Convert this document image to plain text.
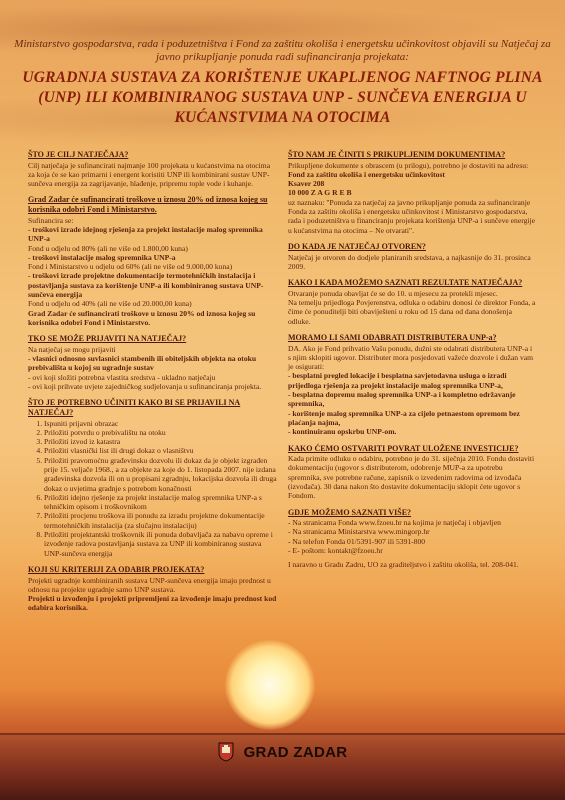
Ministarstvo gospodarstva, rada i poduzetništva i Fond za zaštitu okoliša i energetsku učinkovitost objavili su Natječaj za javno prikupljanje ponuda radi sufinanciranja projekata:
UGRADNJA SUSTAVA ZA KORIŠTENJE UKAPLJENOG NAFTNOG PLINA (UNP) ILI KOMBINIRANOG SUSTAVA UNP - SUNČEVA ENERGIJA U KUĆANSTVIMA NA OTOCIMA
ŠTO JE CILJ NATJEČAJA?

Cilj natječaja je sufinancirati najmanje 100 projekata u kućanstvima na otocima za koja će se kao primarni i energent koristiti UNP ili kombinirani sustav UNP-sunčeva energija za zagrijavanje, hlađenje, pripremu tople vode i kuhanje.

Grad Zadar će sufinancirati troškove u iznosu 20% od iznosa kojeg su korisnika odobri Fond i Ministarstvo.

Sufinancira se:

- troškovi izrade idejnog rješenja za projekt instalacije malog spremnika UNP-a

Fond u odjelu od 80% (ali ne više od 1.800,00 kuna)

- troškovi instalacije malog spremnika UNP-a

Fond i Ministarstvo u odjelu od 60% (ali ne više od 9.000,00 kuna)

- troškovi izrade projektne dokumentacije termotehničkih instalacija i postavljanja sustava za korištenje UNP-a ili kombiniranog sustava UNP-sunčeva energija

Fond u odjelu od 40% (ali ne više od 20.000,00 kuna)

Grad Zadar će sufinancirati troškove u iznosu 20% od iznosa kojeg su korisnika odobri Fond i Ministarstvo.

TKO SE MOŽE PRIJAVITI NA NATJEČAJ?

Na natječaj se mogu prijaviti

- vlasnici odnosno suvlasnici stambenih ili obiteljskih objekta na otoku prebivališta u kojoj su ugradnje sustav

- ovi koji složiti potrebna vlastita sredstva - ukladno natječaju

- ovi koji prihvate uvjete zajedničkog sudjelovanja u sufinanciranja projekta.

ŠTO JE POTREBNO UČINITI KAKO BI SE PRIJAVILI NA NATJEČAJ?
1. Ispuniti prijavni obrazac
2. Priložiti potvrdu o prebivalištu na otoku
3. Priložiti izvod iz katastra
4. Priložiti vlasnički list ili drugi dokaz o vlasništvu
5. Priložiti pravomoćnu građevinsku dozvolu ili dokaz da je objekt izgrađen prije 15. veljače 1968., a za objekte za koje do 1. listopada 2007. nije izdana građevinska dozvola ili on u propisani zgradnju, lokacijska dozvola ili druga dokaz o uvjetima gradnje s potrebom konačnosti
6. Priložiti idejno rješenje za projekt instalacije malog spremnika UNP-a s tehničkim opisom i troškovnikom
7. Priložiti procjenu troškova ili ponudu za izradu projektne dokumentacije termotehničkih instalacija (za slučajnu instalaciju)
8. Priložiti projektantski troškovnik ili ponuda dobavljača za nabavu opreme i izvođenje radova postavljanja sustava za UNP ili kombiniranog sustava UNP-sunčeva energija
KOJI SU KRITERIJI ZA ODABIR PROJEKATA?

Projekti ugradnje kombiniranih sustava UNP-sunčeva energija imaju prednost u odnosu na projekte ugradnje samo UNP sustava.

Projekti u izvođenju i projekti pripremljeni za izvođenje imaju prednost kod odabira korisnika.

ŠTO NAM JE ČINITI S PRIKUPLJENIM DOKUMENTIMA?

Prikupljene dokumente s obrascem (u prilogu), potrebno je dostaviti na adresu:

Fond za zaštitu okoliša i energetsku učinkovitost

Ksaver 208

10 000 Z A G R E B

uz naznaku: "Ponuda za natječaj za javno prikupljanje ponuda za sufinanciranje Fonda za zaštitu okoliša i energetsku učinkovitost i Ministarstvo gospodarstva, rada i poduzetništva u financiranju projekata korištenja UNP-a i sunčeve energije u kućanstvima na otocima – Ne otvarati".

DO KADA JE NATJEČAJ OTVOREN?

Natječaj je otvoren do dodjele planiranih sredstava, a najkasnije do 31. prosinca 2009.

KAKO I KADA MOŽEMO SAZNATI REZULTATE NATJEČAJA?

Otvaranje ponuda obavljat će se do 10. u mjesecu za protekli mjesec.

Na temelju prijedloga Povjerenstva, odluka o odabiru donosi će direktor Fonda, a čime će ponuditelji biti obaviješteni u roku od 15 dana od dana donošenja odluke.

MORAMO LI SAMI ODABRATI DISTRIBUTERA UNP-a?

DA. Ako je Fond prihvatio Vašu ponudu, dužni ste odabrati distributera UNP-a i s njim sklopiti ugovor. Distributer mora posjedovati važeće dozvole i dužan vam je osigurati:

- besplatni pregled lokacije i besplatna savjetodavna usluga o izradi prijedloga rješenja za projekt instalacije malog spremnika UNP-a,

- besplatna dopremu malog spremnika UNP-a i kompletno održavanje spremnika,

- korištenje malog spremnika UNP-a za cijelo petnaestom opremom bez plaćanja najma,

- kontinuiranu opskrbu UNP-om.

KAKO ĆEMO OSTVARITI POVRAT ULOŽENE INVESTICIJE?

Kada primite odluku o odabiru, potrebno je do 31. siječnja 2010. Fondu dostaviti dokumentaciju (ugovor s distributerom, odobrenje MUP-a za upotrebu spremnika, sve potrebne račune, zapisnik o izvedenim radovima od izvođača (izvođača). 30 dana nakon što dostavite dokumentaciju sklopit ćete ugovor s Fondom.

GDJE MOŽEMO SAZNATI VIŠE?

- Na stranicama Fonda www.fzoeu.hr na kojima je natječaj i objavljen

- Na stranicama Ministarstva www.mingorp.hr

- Na telefon Fonda 01/5391-907 ili 5391-800

- E- poštom: kontakt@fzoeu.hr

I naravno u Gradu Zadru, UO za graditeljstvo i zaštitu okoliša, tel. 208-041.

GRAD ZADAR
